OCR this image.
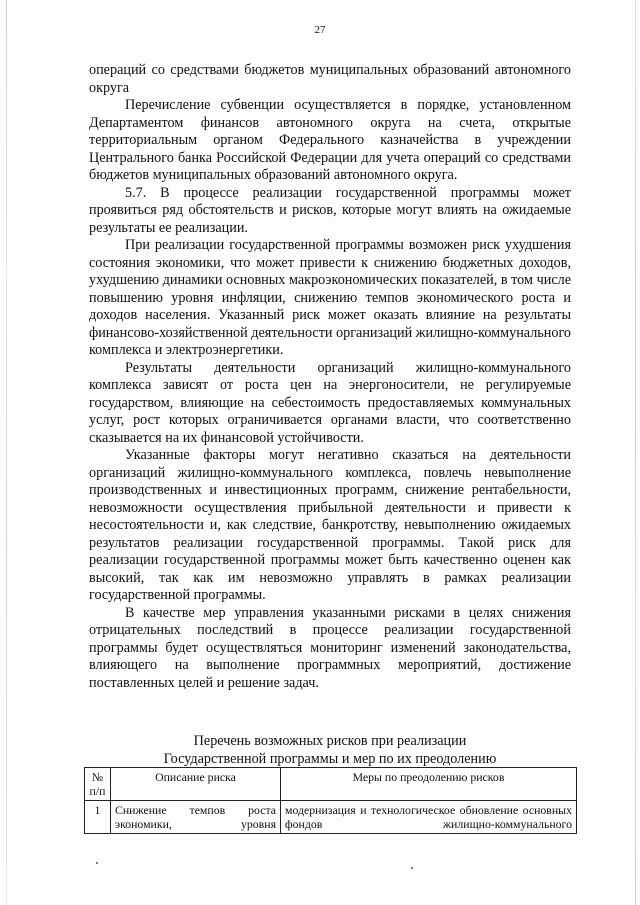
27

операций со средствами бюджетов муниципальных образований автономного округа

Перечисление субвенции осуществляется в порядке, установленном Департаментом финансов автономного округа на счета, открытые территориальным органом Федерального казначейства в учреждении Центрального банка Российской Федерации для учета операций со средствами бюджетов муниципальных образований автономного округа.

5.7. В процессе реализации государственной программы может проявиться ряд обстоятельств и рисков, которые могут влиять на ожидаемые результаты ее реализации.

При реализации государственной программы возможен риск ухудшения состояния экономики, что может привести к снижению бюджетных доходов, ухудшению динамики основных макроэкономических показателей, в том числе повышению уровня инфляции, снижению темпов экономического роста и доходов населения. Указанный риск может оказать влияние на результаты финансово-хозяйственной деятельности организаций жилищно-коммунального комплекса и электроэнергетики.

Результаты деятельности организаций жилищно-коммунального комплекса зависят от роста цен на энергоносители, не регулируемые государством, влияющие на себестоимость предоставляемых коммунальных услуг, рост которых ограничивается органами власти, что соответственно сказывается на их финансовой устойчивости.

Указанные факторы могут негативно сказаться на деятельности организаций жилищно-коммунального комплекса, повлечь невыполнение производственных и инвестиционных программ, снижение рентабельности, невозможности осуществления прибыльной деятельности и привести к несостоятельности и, как следствие, банкротству, невыполнению ожидаемых результатов реализации государственной программы. Такой риск для реализации государственной программы может быть качественно оценен как высокий, так как им невозможно управлять в рамках реализации государственной программы.

В качестве мер управления указанными рисками в целях снижения отрицательных последствий в процессе реализации государственной программы будет осуществляться мониторинг изменений законодательства, влияющего на выполнение программных мероприятий, достижение поставленных целей и решение задач.

Перечень возможных рисков при реализации
Государственной программы и мер по их преодолению
№ п/п	Описание риска	Меры по преодолению рисков
1	Снижение темпов роста экономики, уровня	модернизация и технологическое обновление основных фондов жилищно-коммунального
